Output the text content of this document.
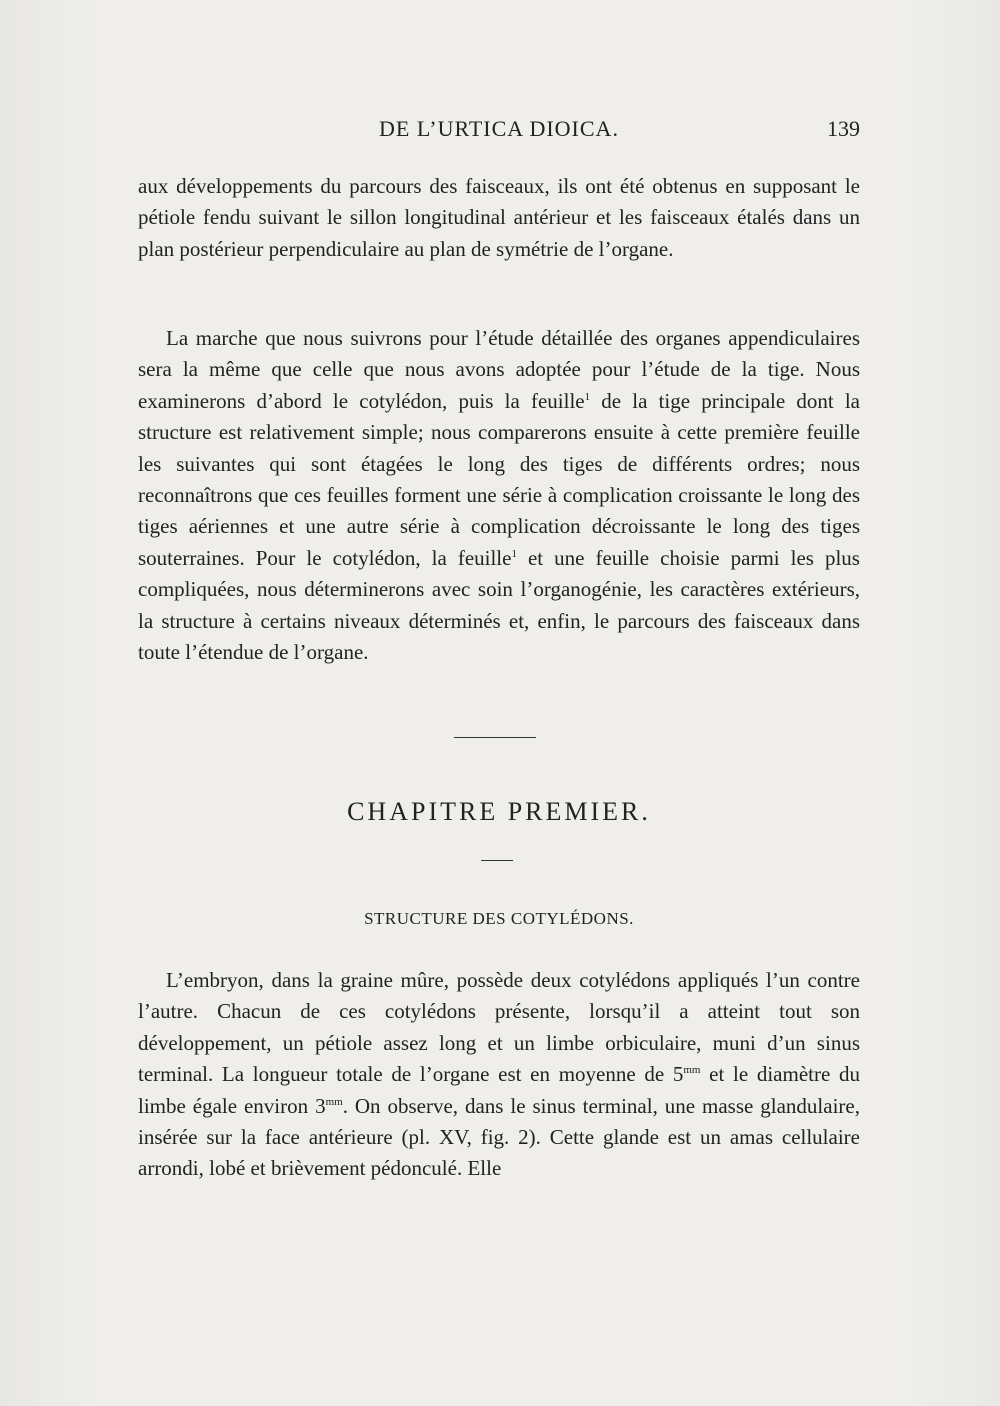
DE L’URTICA DIOICA.	139

aux développements du parcours des faisceaux, ils ont été obtenus en supposant le pétiole fendu suivant le sillon longitudinal antérieur et les faisceaux étalés dans un plan postérieur perpendiculaire au plan de symétrie de l’organe.

La marche que nous suivrons pour l’étude détaillée des organes appendiculaires sera la même que celle que nous avons adoptée pour l’étude de la tige. Nous examinerons d’abord le cotylédon, puis la feuille$^1$ de la tige principale dont la structure est relativement simple; nous comparerons ensuite à cette première feuille les suivantes qui sont étagées le long des tiges de différents ordres; nous reconnaîtrons que ces feuilles forment une série à complication croissante le long des tiges aériennes et une autre série à complication décroissante le long des tiges souterraines. Pour le cotylédon, la feuille$^1$ et une feuille choisie parmi les plus compliquées, nous déterminerons avec soin l’organogénie, les caractères extérieurs, la structure à certains niveaux déterminés et, enfin, le parcours des faisceaux dans toute l’étendue de l’organe.

CHAPITRE PREMIER.
STRUCTURE DES COTYLÉDONS.

L’embryon, dans la graine mûre, possède deux cotylédons appliqués l’un contre l’autre. Chacun de ces cotylédons présente, lorsqu’il a atteint tout son développement, un pétiole assez long et un limbe orbiculaire, muni d’un sinus terminal. La longueur totale de l’organe est en moyenne de $5^{mm}$ et le diamètre du limbe égale environ $3^{mm}$. On observe, dans le sinus terminal, une masse glandulaire, insérée sur la face antérieure (pl. XV, fig. 2). Cette glande est un amas cellulaire arrondi, lobé et brièvement pédonculé. Elle
